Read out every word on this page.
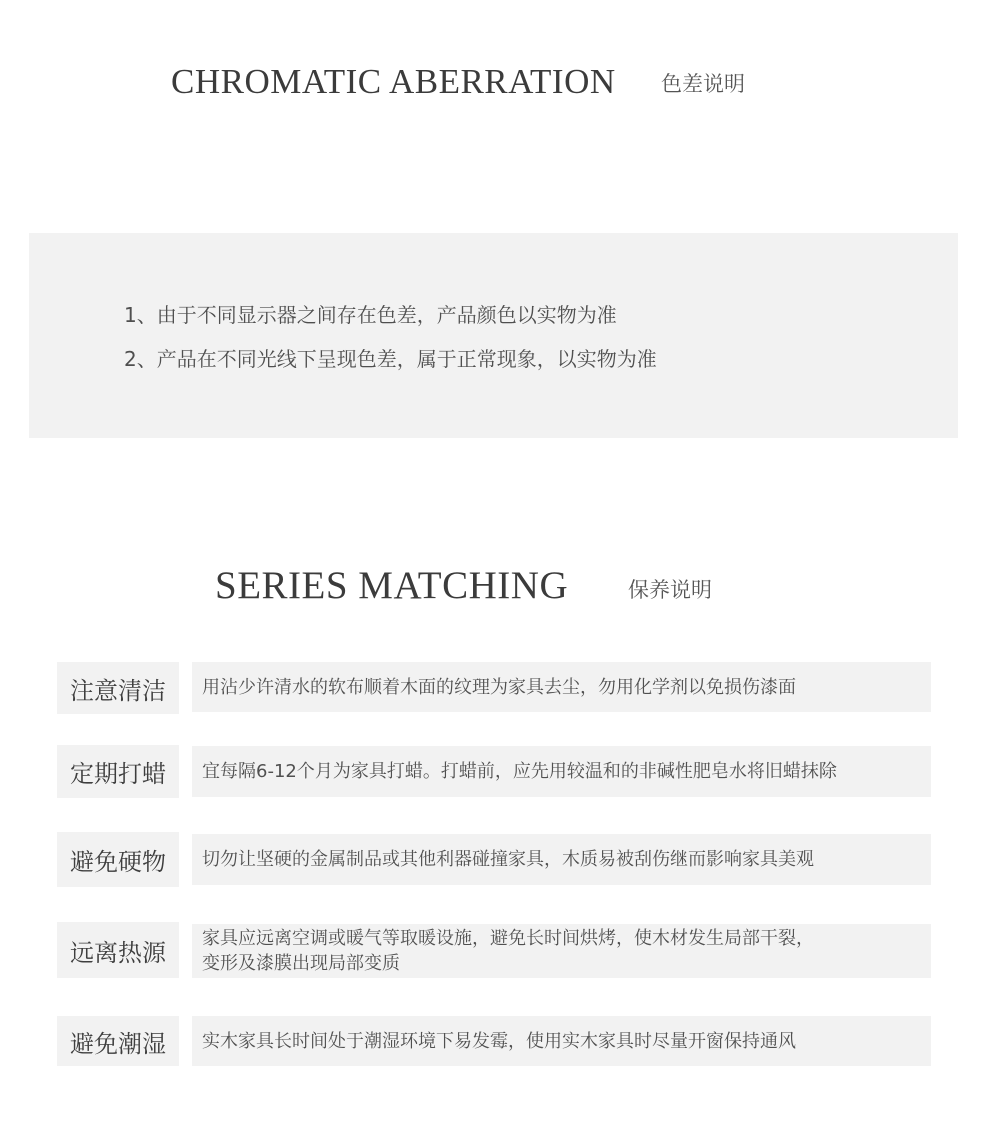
CHROMATIC ABERRATION 色差说明
1、由于不同显示器之间存在色差，产品颜色以实物为准
2、产品在不同光线下呈现色差，属于正常现象，以实物为准
SERIES MATCHING	保养说明
注意清洁	用沾少许清水的软布顺着木面的纹理为家具去尘，勿用化学剂以免损伤漆面
定期打蜡	宜每隔6-12个月为家具打蜡。打蜡前，应先用较温和的非碱性肥皂水将旧蜡抹除
避免硬物	切勿让坚硬的金属制品或其他利器碰撞家具，木质易被刮伤继而影响家具美观
远离热源	家具应远离空调或暖气等取暖设施，避免长时间烘烤，使木材发生局部干裂，
变形及漆膜出现局部变质
避免潮湿	实木家具长时间处于潮湿环境下易发霉，使用实木家具时尽量开窗保持通风
